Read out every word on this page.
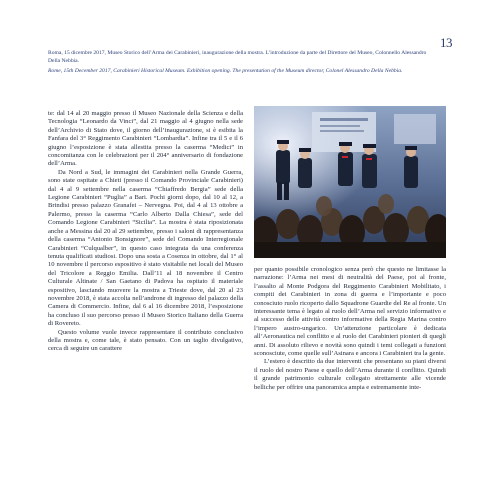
13

Roma, 15 dicembre 2017, Museo Storico dell’Arma dei Carabinieri, inaugurazione della mostra. L’introduzione da parte del Direttore del Museo, Colonnello Alessandro Della Nebbia.

Rome, 15th December 2017, Carabinieri Historical Museum. Exhibition opening. The presentation of the Museum director, Colonel Alessandro Della Nebbia.

te: dal 14 al 20 maggio presso il Museo Nazionale della Scienza e della Tecnologia “Leonardo da Vinci”, dal 21 maggio al 4 giugno nella sede dell’Archivio di Stato dove, il giorno dell’inaugurazione, si è esibita la Fanfara del 3° Reggimento Carabinieri “Lombardia”. Infine tra il 5 e il 6 giugno l’esposizione è stata allestita presso la caserma “Medici” in concomitanza con le celebrazioni per il 204° anniversario di fondazione dell’Arma.

Da Nord a Sud, le immagini dei Carabinieri nella Grande Guerra, sono state ospitate a Chieti (presso il Comando Provinciale Carabinieri) dal 4 al 9 settembre nella caserma “Chiaffredo Bergia” sede della Legione Carabinieri “Puglia” a Bari. Pochi giorni dopo, dal 10 al 12, a Brindisi presso palazzo Granafei – Nervegna. Poi, dal 4 al 13 ottobre a Palermo, presso la caserma “Carlo Alberto Dalla Chiesa”, sede del Comando Legione Carabinieri “Sicilia”. La mostra è stata riposizionata anche a Messina dal 20 al 29 settembre, presso i saloni di rappresentanza della caserma “Antonio Bonsignore”, sede del Comando Interregionale Carabinieri “Culqualber”, in questo caso integrata da una conferenza tenuta qualificati studiosi. Dopo una sosta a Cosenza in ottobre, dal 1° al 10 novembre il percorso espositivo è stato visitabile nei locali del Museo del Tricolore a Reggio Emilia. Dall’11 al 18 novembre il Centro Culturale Altinate / San Gaetano di Padova ha ospitato il materiale espositivo, lasciando muovere la mostra a Trieste dove, dal 20 al 23 novembre 2018, è stata accolta nell’androne di ingresso del palazzo della Camera di Commercio. Infine, dal 6 al 16 dicembre 2018, l’esposizione ha concluso il suo percorso presso il Museo Storico Italiano della Guerra di Rovereto.

Questo volume vuole invece rappresentare il contributo conclusivo della mostra e, come tale, è stato pensato. Con un taglio divulgativo, cerca di seguire un carattere

per quanto possibile cronologico senza però che questo ne limitasse la narrazione: l’Arma nei mesi di neutralità del Paese, poi al fronte, l’assalto al Monte Podgora del Reggimento Carabinieri Mobilitato, i compiti dei Carabinieri in zona di guerra e l’importante e poco conosciuto ruolo ricoperto dallo Squadrone Guardie del Re al fronte. Un interessante tema è legato al ruolo dell’Arma nel servizio informativo e al successo delle attività contro informative della Regia Marina contro l’impero austro-ungarico. Un’attenzione particolare è dedicata all’Aeronautica nel conflitto e al ruolo dei Carabinieri pionieri di quegli anni. Di assoluto rilievo e novità sono quindi i temi collegati a funzioni sconosciute, come quelle sull’Asinara e ancora i Carabinieri tra la gente.

L’estero è descritto da due interventi che presentano su piani diversi il ruolo del nostro Paese e quello dell’Arma durante il conflitto. Quindi il grande patrimonio culturale collegato strettamente alle vicende belliche per offrire una panoramica ampia e estremamente inte-
